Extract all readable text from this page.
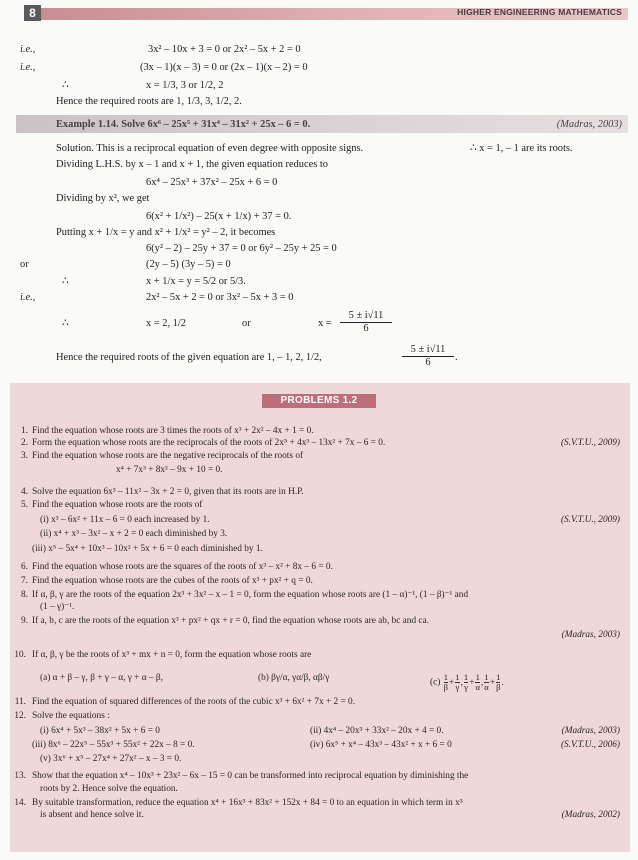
8	HIGHER ENGINEERING MATHEMATICS
i.e.,	3x² – 10x + 3 = 0 or 2x² – 5x + 2 = 0
i.e.,	(3x – 1)(x – 3) = 0 or (2x – 1)(x – 2) = 0
∴	x = 1/3, 3 or 1/2, 2
Hence the required roots are 1, 1/3, 3, 1/2, 2.
Example 1.14. Solve 6x⁶ – 25x⁵ + 31x⁴ – 31x² + 25x – 6 = 0.	(Madras, 2003)
Solution. This is a reciprocal equation of even degree with opposite signs.	∴ x = 1, – 1 are its roots.
Dividing L.H.S. by x – 1 and x + 1, the given equation reduces to
6x⁴ – 25x³ + 37x² – 25x + 6 = 0
Dividing by x², we get
6(x² + 1/x²) – 25(x + 1/x) + 37 = 0.
Putting x + 1/x = y and x² + 1/x² = y² – 2, it becomes
6(y² – 2) – 25y + 37 = 0 or 6y² – 25y + 25 = 0
or	(2y – 5) (3y – 5) = 0
∴	x + 1/x = y = 5/2 or 5/3.
i.e.,	2x² – 5x + 2 = 0 or 3x² – 5x + 3 = 0
∴	x = 2, 1/2	or	$x = \frac{5 \pm i√11}{6}$
Hence the required roots of the given equation are 1, – 1, 2, 1/2,	$\frac{5 \pm i√11}{6}$ .
PROBLEMS 1.2
1. Find the equation whose roots are 3 times the roots of x³ + 2x² – 4x + 1 = 0.
2. Form the equation whose roots are the reciprocals of the roots of 2x⁵ + 4x³ – 13x² + 7x – 6 = 0.	(S.V.T.U., 2009)
3. Find the equation whose roots are the negative reciprocals of the roots of
x⁴ + 7x³ + 8x² – 9x + 10 = 0.
4. Solve the equation 6x³ – 11x² – 3x + 2 = 0, given that its roots are in H.P.
5. Find the equation whose roots are the roots of
(i) x³ – 6x² + 11x – 6 = 0 each increased by 1.	(S.V.T.U., 2009)
(ii) x⁴ + x³ – 3x² – x + 2 = 0 each diminished by 3.
(iii) x⁵ – 5x⁴ + 10x³ – 10x² + 5x + 6 = 0 each diminished by 1.
6. Find the equation whose roots are the squares of the roots of x³ – x² + 8x – 6 = 0.
7. Find the equation whose roots are the cubes of the roots of x³ + px² + q = 0.
8. If α, β, γ are the roots of the equation 2x³ + 3x² – x – 1 = 0, form the equation whose roots are (1 – α)⁻¹, (1 – β)⁻¹ and
(1 – γ)⁻¹.
9. If a, b, c are the roots of the equation x³ + px² + qx + r = 0, find the equation whose roots are ab, bc and ca.
(Madras, 2003)
10. If α, β, γ be the roots of x³ + mx + n = 0, form the equation whose roots are
11. Find the equation of squared differences of the roots of the cubic x³ + 6x² + 7x + 2 = 0.
12. Solve the equations :
13. Show that the equation x⁴ – 10x³ + 23x² – 6x – 15 = 0 can be transformed into reciprocal equation by diminishing the
roots by 2. Hence solve the equation.
14. By suitable transformation, reduce the equation x⁴ + 16x³ + 83x² + 152x + 84 = 0 to an equation in which term in x³
is absent and hence solve it.	(Madras, 2002)
(a) α + β – γ, β + γ – α, γ + α – β,	(b) βγ/α, γα/β, αβ/γ	$(c) \frac{1}{\beta} + \frac{1}{\gamma}$ , $\frac{1}{\gamma} + \frac{1}{\alpha}$ , $\frac{1}{\alpha} + \frac{1}{\beta}$ .
(i) 6x⁴ + 5x³ – 38x² + 5x + 6 = 0	(ii) 4x⁴ – 20x³ + 33x² – 20x + 4 = 0.	(Madras, 2003)
(iii) 8x⁶ – 22x⁵ – 55x³ + 55x² + 22x – 8 = 0.	(iv) 6x⁵ + x⁴ – 43x³ – 43x² + x + 6 = 0	(S.V.T.U., 2006)
(v) 3x⁶ + x⁵ – 27x⁴ + 27x² – x – 3 = 0.
